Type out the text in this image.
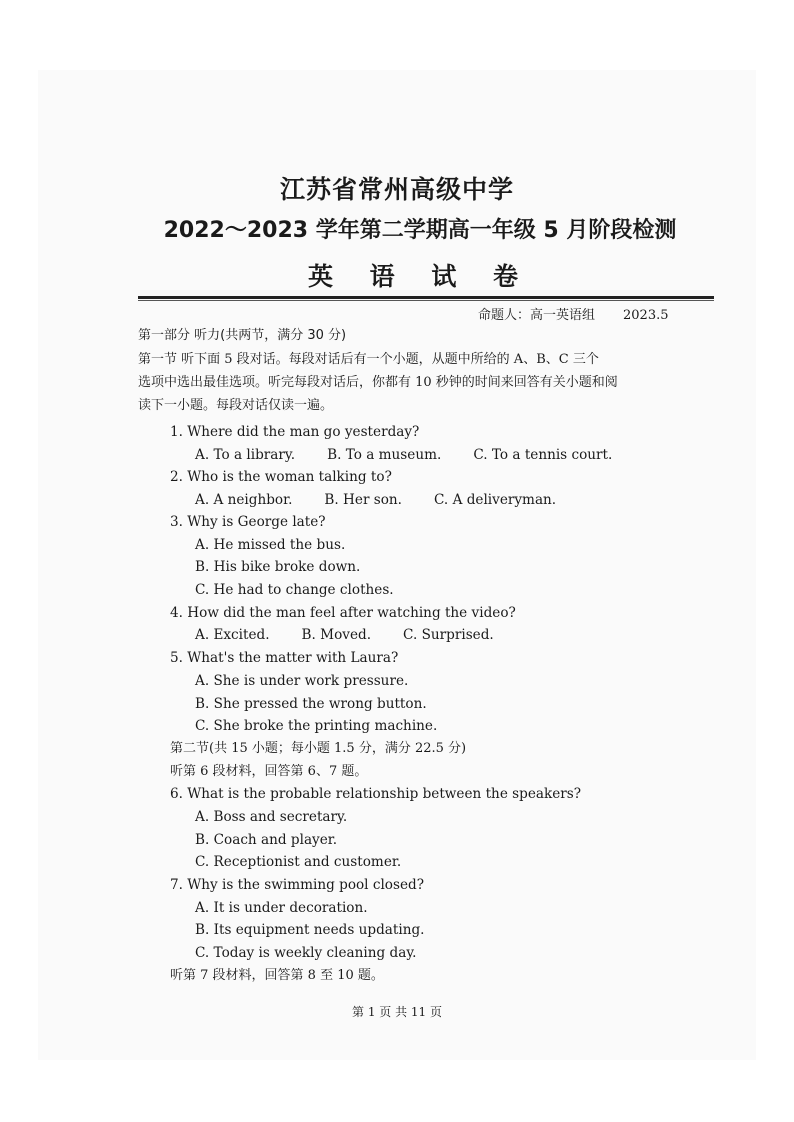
江苏省常州高级中学
2022～2023 学年第二学期高一年级 5 月阶段检测
英 语 试 卷
命题人：高一英语组 2023.5
第一部分 听力(共两节，满分 30 分)
第一节 听下面 5 段对话。每段对话后有一个小题，从题中所给的 A、B、C 三个
选项中选出最佳选项。听完每段对话后，你都有 10 秒钟的时间来回答有关小题和阅
读下一小题。每段对话仅读一遍。
1. Where did the man go yesterday?
A. To a library. B. To a museum. C. To a tennis court.
2. Who is the woman talking to?
A. A neighbor. B. Her son. C. A deliveryman.
3. Why is George late?
A. He missed the bus.
B. His bike broke down.
C. He had to change clothes.
4. How did the man feel after watching the video?
A. Excited. B. Moved. C. Surprised.
5. What's the matter with Laura?
A. She is under work pressure.
B. She pressed the wrong button.
C. She broke the printing machine.
第二节(共 15 小题；每小题 1.5 分，满分 22.5 分)
听第 6 段材料，回答第 6、7 题。
6. What is the probable relationship between the speakers?
A. Boss and secretary.
B. Coach and player.
C. Receptionist and customer.
7. Why is the swimming pool closed?
A. It is under decoration.
B. Its equipment needs updating.
C. Today is weekly cleaning day.
听第 7 段材料，回答第 8 至 10 题。
第 1 页 共 11 页
